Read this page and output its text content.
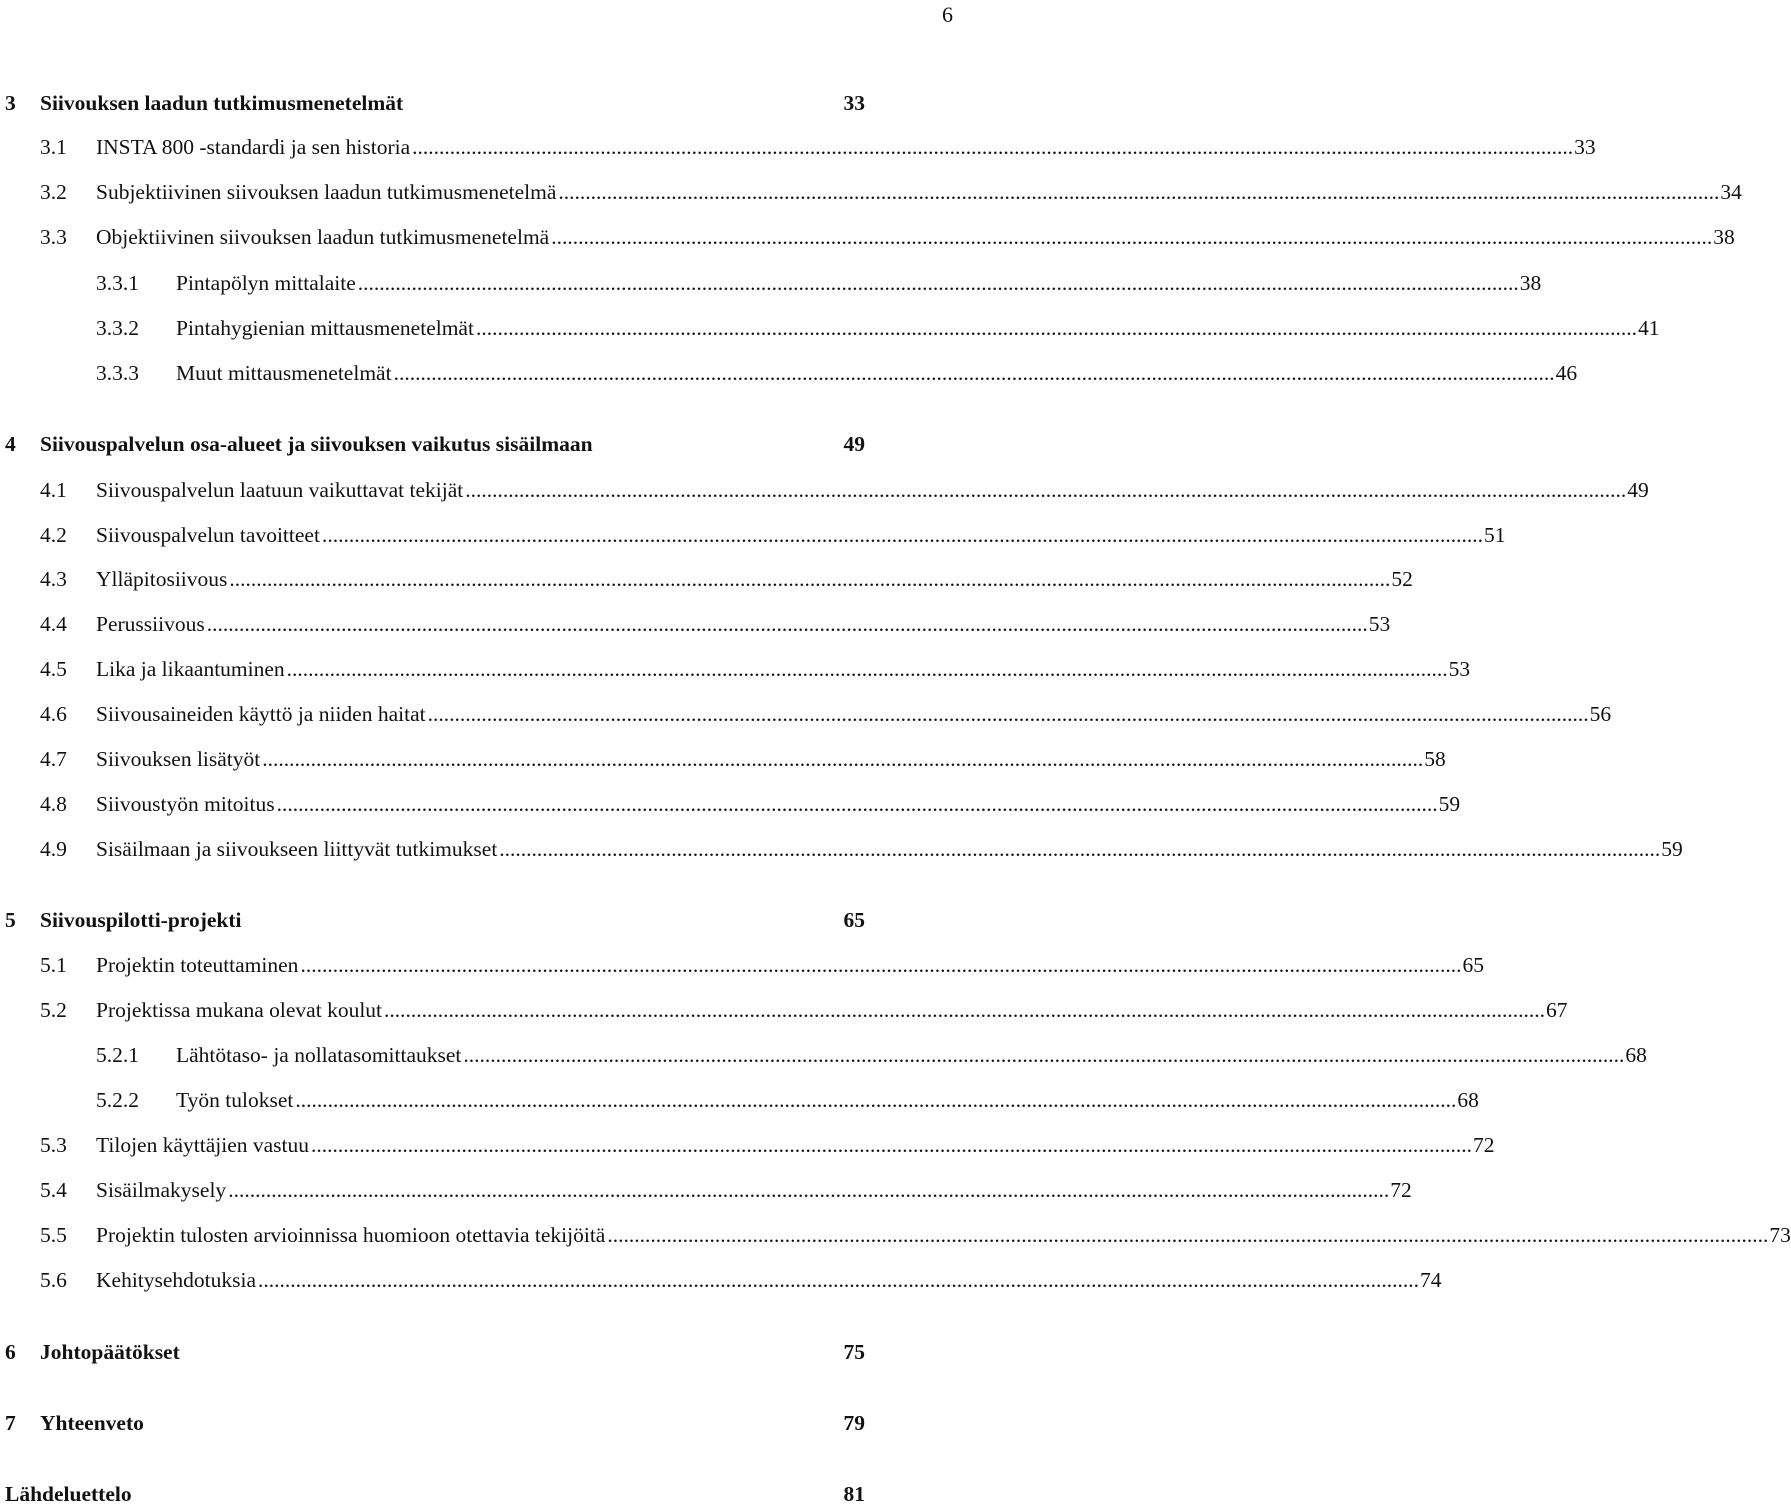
6
3	Siivouksen laadun tutkimusmenetelmät	33
3.1	INSTA 800 -standardi ja sen historia .....	33
3.2	Subjektiivinen siivouksen laadun tutkimusmenetelmä .....	34
3.3	Objektiivinen siivouksen laadun tutkimusmenetelmä .....	38
3.3.1	Pintapölyn mittalaite .....	38
3.3.2	Pintahygienian mittausmenetelmät .....	41
3.3.3	Muut mittausmenetelmät .....	46
4	Siivouspalvelun osa-alueet ja siivouksen vaikutus sisäilmaan	49
4.1	Siivouspalvelun laatuun vaikuttavat tekijät .....	49
4.2	Siivouspalvelun tavoitteet .....	51
4.3	Ylläpitosiivous .....	52
4.4	Perussiivous .....	53
4.5	Lika ja likaantuminen .....	53
4.6	Siivousaineiden käyttö ja niiden haitat .....	56
4.7	Siivouksen lisätyöt .....	58
4.8	Siivoustyön mitoitus .....	59
4.9	Sisäilmaan ja siivoukseen liittyvät tutkimukset .....	59
5	Siivouspilotti-projekti	65
5.1	Projektin toteuttaminen .....	65
5.2	Projektissa mukana olevat koulut .....	67
5.2.1	Lähtötaso- ja nollatasomittaukset .....	68
5.2.2	Työn tulokset .....	68
5.3	Tilojen käyttäjien vastuu .....	72
5.4	Sisäilmakysely .....	72
5.5	Projektin tulosten arvioinnissa huomioon otettavia tekijöitä .....	73
5.6	Kehitysehdotuksia .....	74
6	Johtopäätökset	75
7	Yhteenveto	79
Lähdeluettelo	81
